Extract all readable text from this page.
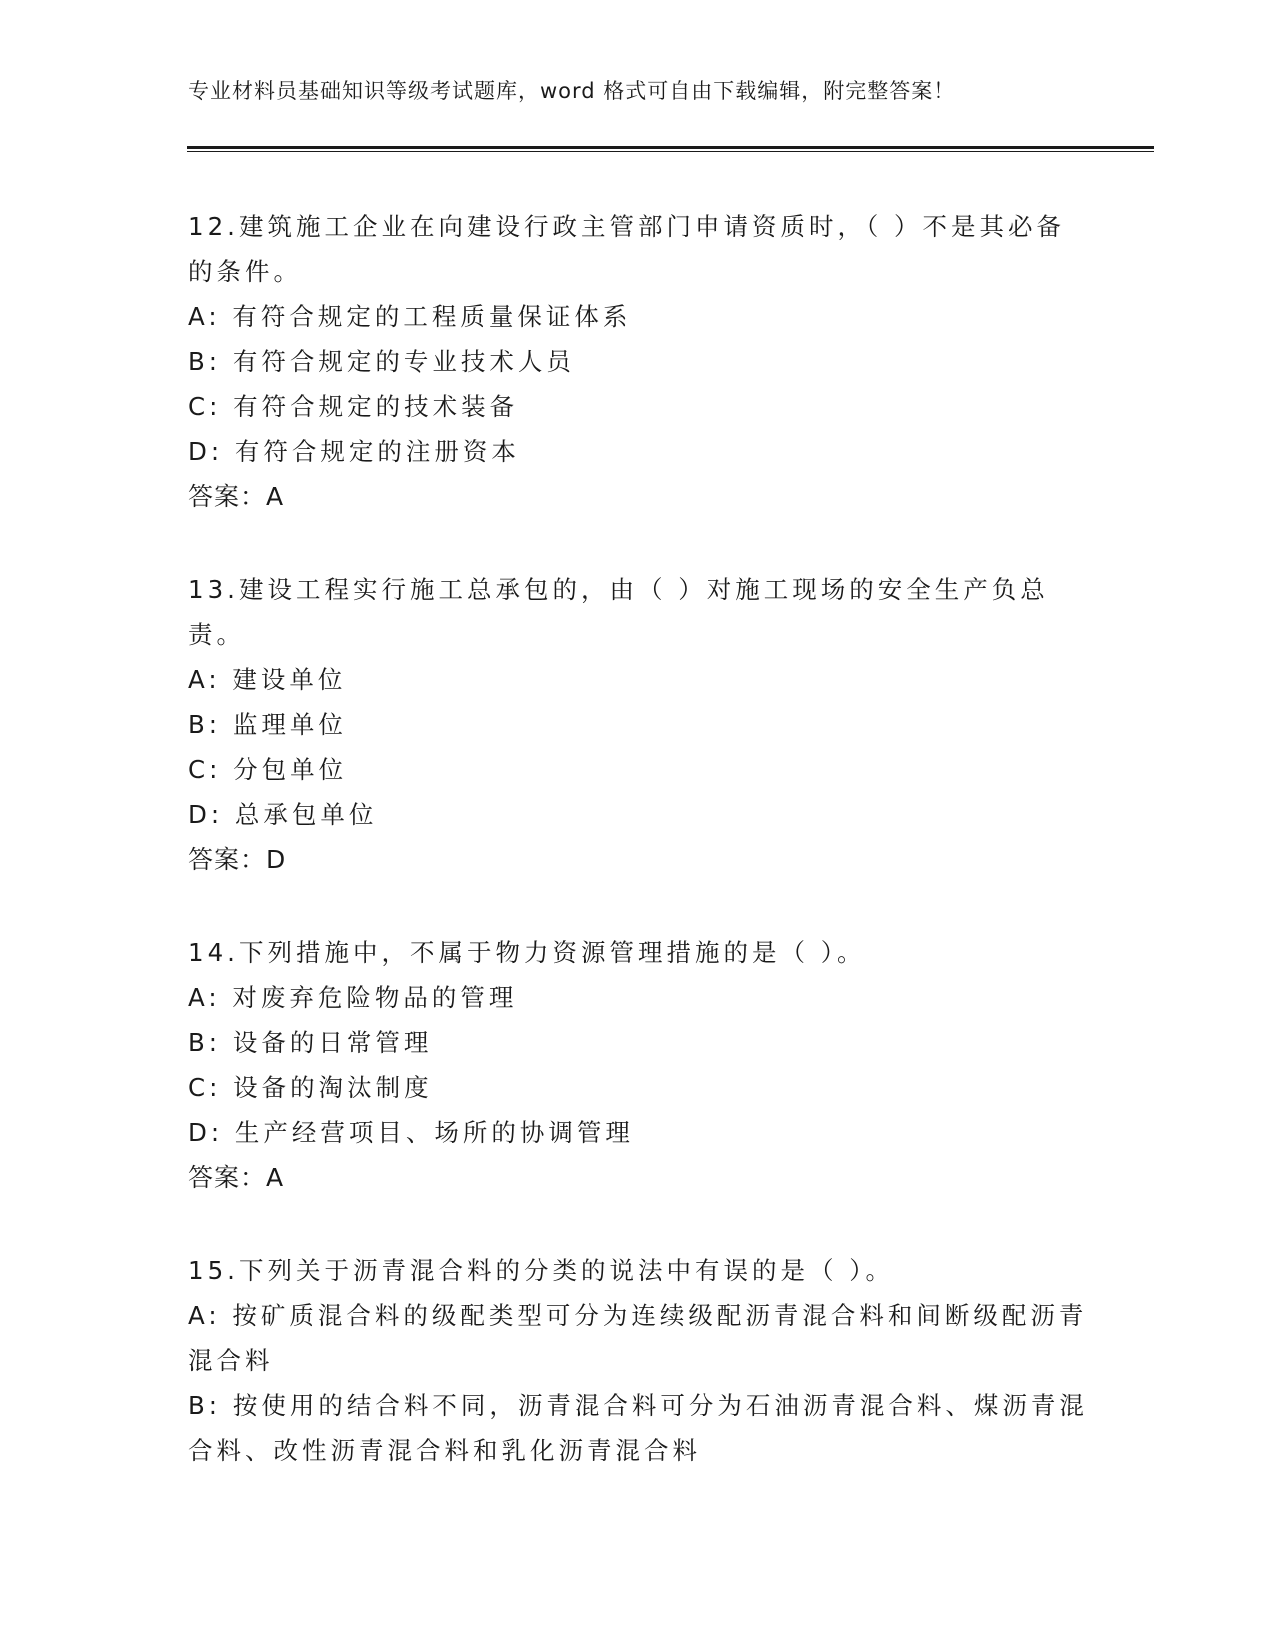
专业材料员基础知识等级考试题库，word 格式可自由下载编辑，附完整答案！

12.建筑施工企业在向建设行政主管部门申请资质时，（ ）不是其必备的条件。

A: 有符合规定的工程质量保证体系

B: 有符合规定的专业技术人员

C: 有符合规定的技术装备

D: 有符合规定的注册资本

答案：A

13.建设工程实行施工总承包的，由（ ）对施工现场的安全生产负总责。

A: 建设单位

B: 监理单位

C: 分包单位

D: 总承包单位

答案：D

14.下列措施中，不属于物力资源管理措施的是（ ）。

A: 对废弃危险物品的管理

B: 设备的日常管理

C: 设备的淘汰制度

D: 生产经营项目、场所的协调管理

答案：A

15.下列关于沥青混合料的分类的说法中有误的是（ ）。

A: 按矿质混合料的级配类型可分为连续级配沥青混合料和间断级配沥青混合料

B: 按使用的结合料不同，沥青混合料可分为石油沥青混合料、煤沥青混合料、改性沥青混合料和乳化沥青混合料
